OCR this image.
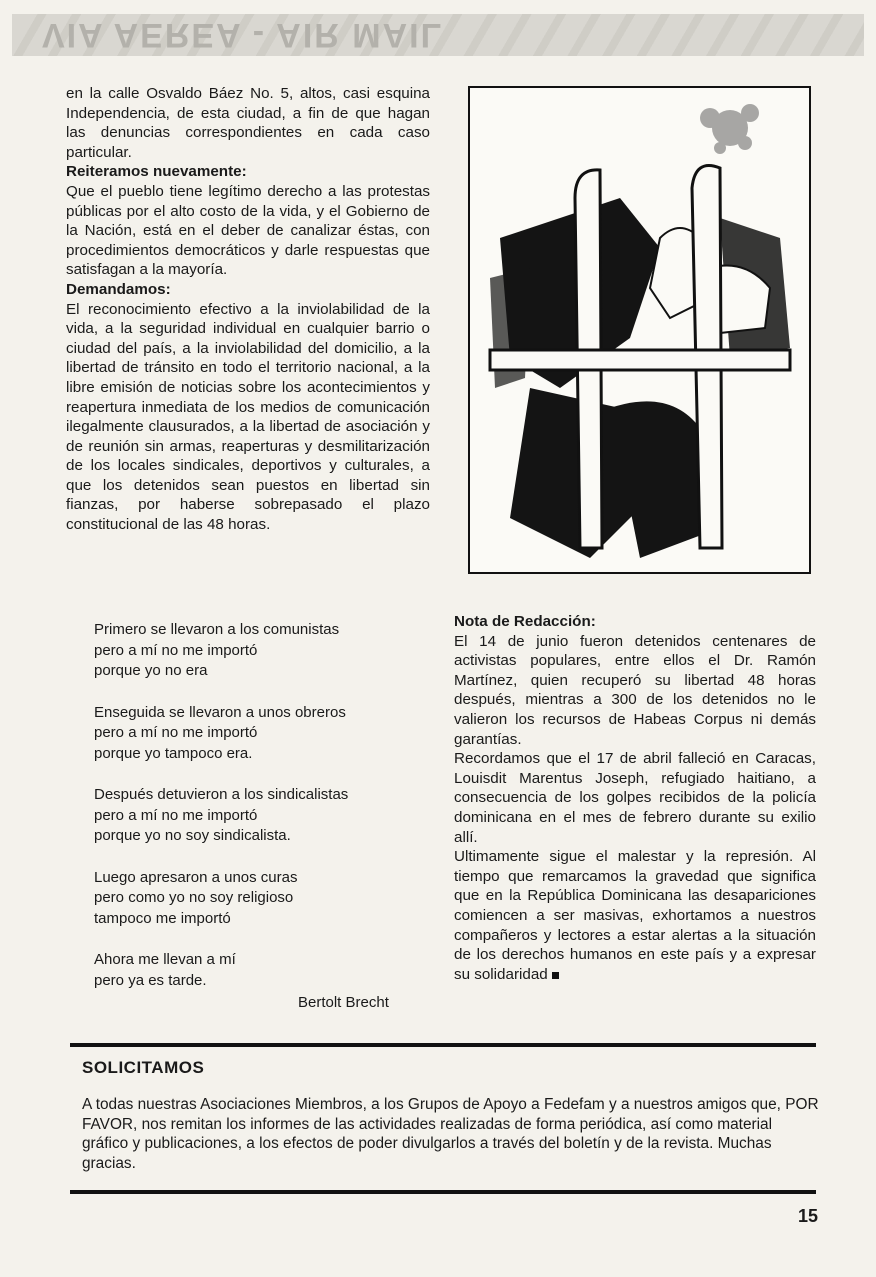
VIA AEREA - AIR MAIL

en la calle Osvaldo Báez No. 5, altos, casi esquina Independencia, de esta ciudad, a fin de que hagan las denuncias correspondientes en cada caso particular.

Reiteramos nuevamente:

Que el pueblo tiene legítimo derecho a las protestas públicas por el alto costo de la vida, y el Gobierno de la Nación, está en el deber de canalizar éstas, con procedimientos democráticos y darle respuestas que satisfagan a la mayoría.

Demandamos:

El reconocimiento efectivo a la inviolabilidad de la vida, a la seguridad individual en cualquier barrio o ciudad del país, a la inviolabilidad del domicilio, a la libertad de tránsito en todo el territorio nacional, a la libre emisión de noticias sobre los acontecimientos y reapertura inmediata de los medios de comunicación ilegalmente clausurados, a la libertad de asociación y de reunión sin armas, reaperturas y desmilitarización de los locales sindicales, deportivos y culturales, a que los detenidos sean puestos en libertad sin fianzas, por haberse sobrepasado el plazo constitucional de las 48 horas.

Primero se llevaron a los comunistas
pero a mí no me importó
porque yo no era
Enseguida se llevaron a unos obreros
pero a mí no me importó
porque yo tampoco era.
Después detuvieron a los sindicalistas
pero a mí no me importó
porque yo no soy sindicalista.
Luego apresaron a unos curas
pero como yo no soy religioso
tampoco me importó
Ahora me llevan a mí
pero ya es tarde.
Bertolt Brecht

Nota de Redacción:

El 14 de junio fueron detenidos centenares de activistas populares, entre ellos el Dr. Ramón Martínez, quien recuperó su libertad 48 horas después, mientras a 300 de los detenidos no le valieron los recursos de Habeas Corpus ni demás garantías.

Recordamos que el 17 de abril falleció en Caracas, Louisdit Marentus Joseph, refugiado haitiano, a consecuencia de los golpes recibidos de la policía dominicana en el mes de febrero durante su exilio allí.

Ultimamente sigue el malestar y la represión. Al tiempo que remarcamos la gravedad que significa que en la República Dominicana las desapariciones comiencen a ser masivas, exhortamos a nuestros compañeros y lectores a estar alertas a la situación de los derechos humanos en este país y a expresar su solidaridad

SOLICITAMOS
A todas nuestras Asociaciones Miembros, a los Grupos de Apoyo a Fedefam y a nuestros amigos que, POR FAVOR, nos remitan los informes de las actividades realizadas de forma periódica, así como material gráfico y publicaciones, a los efectos de poder divulgarlos a través del boletín y de la revista. Muchas gracias.
15
